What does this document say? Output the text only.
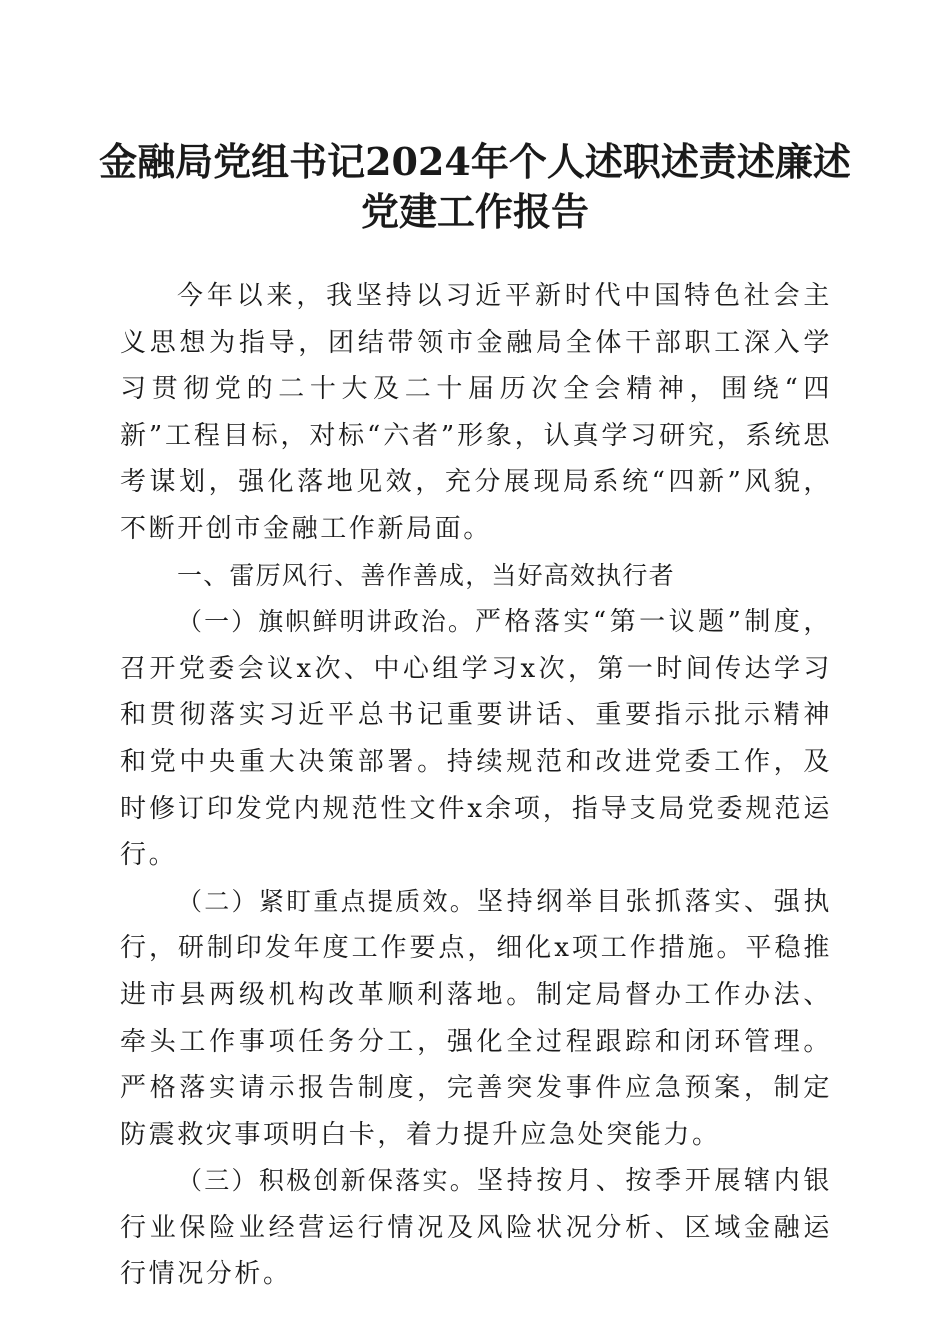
金融局党组书记2024年个人述职述责述廉述
党建工作报告

今年以来，我坚持以习近平新时代中国特色社会主义思想为指导，团结带领市金融局全体干部职工深入学习贯彻党的二十大及二十届历次全会精神，围绕“四新”工程目标，对标“六者”形象，认真学习研究，系统思考谋划，强化落地见效，充分展现局系统“四新”风貌，不断开创市金融工作新局面。

一、雷厉风行、善作善成，当好高效执行者

（一）旗帜鲜明讲政治。严格落实“第一议题”制度，召开党委会议x次、中心组学习x次，第一时间传达学习和贯彻落实习近平总书记重要讲话、重要指示批示精神和党中央重大决策部署。持续规范和改进党委工作，及时修订印发党内规范性文件x余项，指导支局党委规范运行。

（二）紧盯重点提质效。坚持纲举目张抓落实、强执行，研制印发年度工作要点，细化x项工作措施。平稳推进市县两级机构改革顺利落地。制定局督办工作办法、牵头工作事项任务分工，强化全过程跟踪和闭环管理。严格落实请示报告制度，完善突发事件应急预案，制定防震救灾事项明白卡，着力提升应急处突能力。

（三）积极创新保落实。坚持按月、按季开展辖内银行业保险业经营运行情况及风险状况分析、区域金融运行情况分析。
